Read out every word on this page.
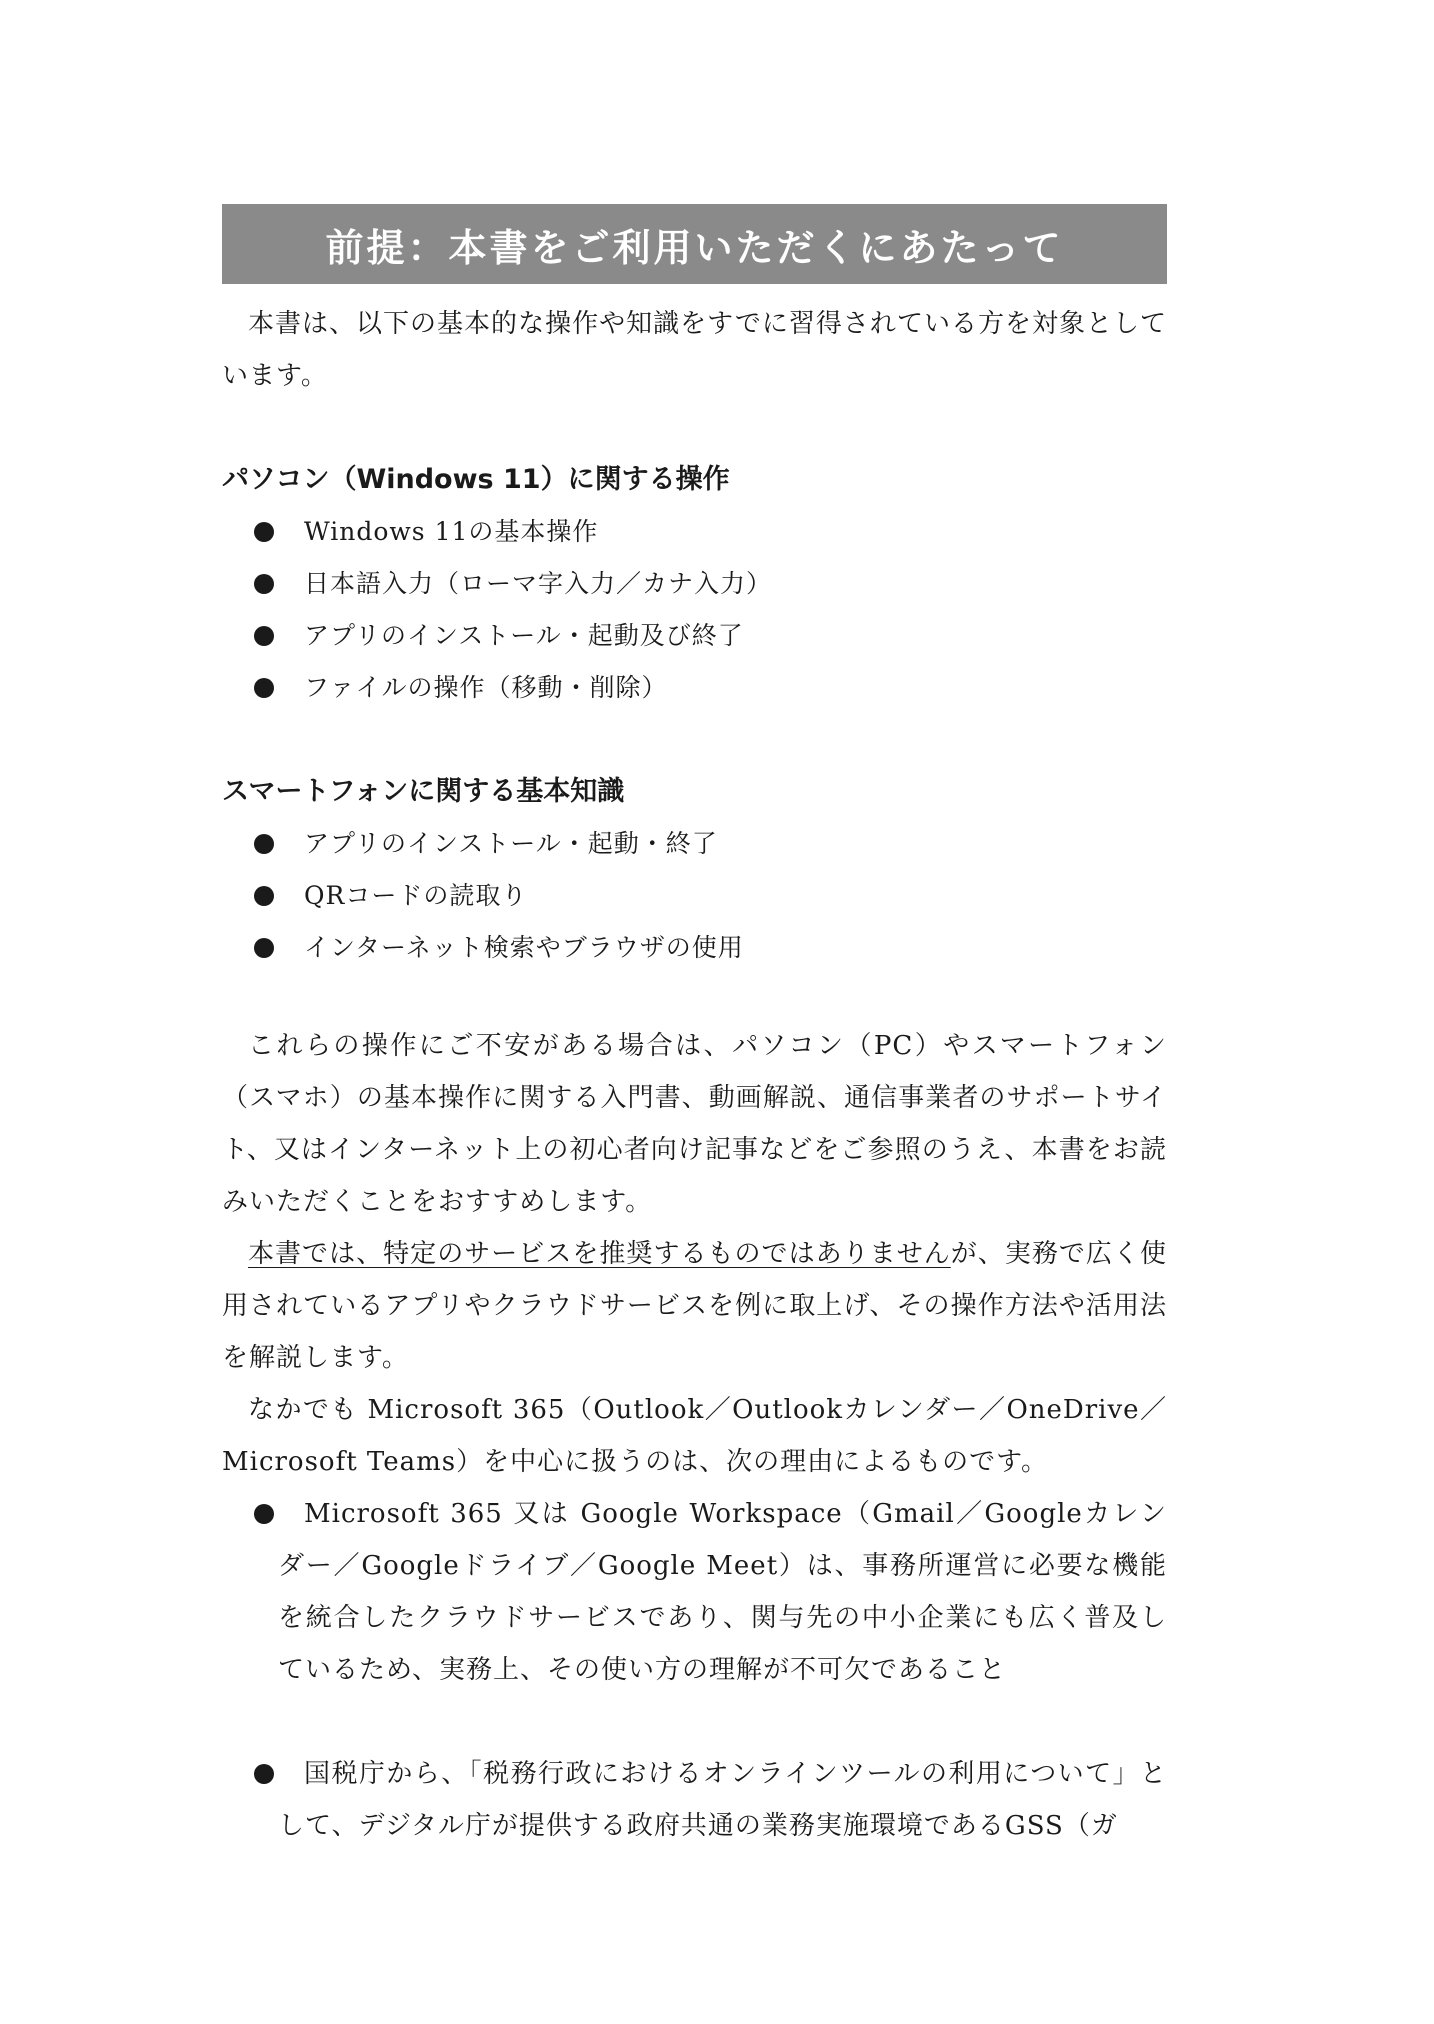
前提：本書をご利用いただくにあたって

本書は、以下の基本的な操作や知識をすでに習得されている方を対象としています。

パソコン（Windows 11）に関する操作
Windows 11の基本操作
日本語入力（ローマ字入力／カナ入力）
アプリのインストール・起動及び終了
ファイルの操作（移動・削除）
スマートフォンに関する基本知識
アプリのインストール・起動・終了
QRコードの読取り
インターネット検索やブラウザの使用

これらの操作にご不安がある場合は、パソコン（PC）やスマートフォン（スマホ）の基本操作に関する入門書、動画解説、通信事業者のサポートサイト、又はインターネット上の初心者向け記事などをご参照のうえ、本書をお読みいただくことをおすすめします。

本書では、特定のサービスを推奨するものではありませんが、実務で広く使用されているアプリやクラウドサービスを例に取上げ、その操作方法や活用法を解説します。

なかでも Microsoft 365（Outlook／Outlookカレンダー／OneDrive／Microsoft Teams）を中心に扱うのは、次の理由によるものです。

Microsoft 365 又は Google Workspace（Gmail／Googleカレンダー／Googleドライブ／Google Meet）は、事務所運営に必要な機能を統合したクラウドサービスであり、関与先の中小企業にも広く普及しているため、実務上、その使い方の理解が不可欠であること
国税庁から、「税務行政におけるオンラインツールの利用について」として、デジタル庁が提供する政府共通の業務実施環境であるGSS（ガ
